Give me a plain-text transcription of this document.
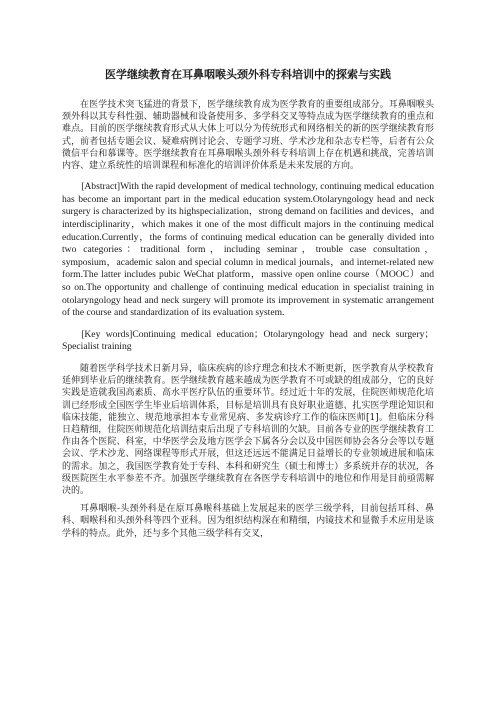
医学继续教育在耳鼻咽喉头颈外科专科培训中的探索与实践

在医学技术突飞猛进的背景下，医学继续教育成为医学教育的重要组成部分。耳鼻咽喉头颈外科以其专科性强、辅助器械和设备使用多、多学科交叉等特点成为医学继续教育的重点和难点。目前的医学继续教育形式从大体上可以分为传统形式和网络相关的新的医学继续教育形式，前者包括专题会议、疑难病例讨论会、专题学习班、学术沙龙和杂志专栏等，后者有公众微信平台和慕课等。医学继续教育在耳鼻咽喉头颈外科专科培训上存在机遇和挑战，完善培训内容、建立系统性的培训课程和标准化的培训评价体系是未来发展的方向。

[Abstract]With the rapid development of medical technology, continuing medical education has become an important part in the medical education system.Otolaryngology head and neck surgery is characterized by its highspecialization，strong demand on facilities and devices，and interdisciplinarity，which makes it one of the most difficult majors in the continuing medical education.Currently，the forms of continuing medical education can be generally divided into two categories：traditional form，including seminar，trouble case consultation，symposium，academic salon and special column in medical journals，and internet-related new form.The latter includes pubic WeChat platform，massive open online course（MOOC）and so on.The opportunity and challenge of continuing medical education in specialist training in otolaryngology head and neck surgery will promote its improvement in systematic arrangement of the course and standardization of its evaluation system.

[Key words]Continuing medical education；Otolaryngology head and neck surgery；Specialist training

随着医学科学技术日新月异，临床疾病的诊疗理念和技术不断更新，医学教育从学校教育延伸到毕业后的继续教育。医学继续教育越来越成为医学教育不可或缺的组成部分，它的良好实践是造就我国高素质、高水平医疗队伍的重要环节。经过近十年的发展，住院医师规范化培训已经形成全国医学生毕业后培训体系，目标是培训具有良好职业道德、扎实医学理论知识和临床技能，能独立、规范地承担本专业常见病、多发病诊疗工作的临床医师[1]。但临床分科日趋精细，住院医师规范化培训结束后出现了专科培训的欠缺。目前各专业的医学继续教育工作由各个医院、科室，中华医学会及地方医学会下属各分会以及中国医师协会各分会等以专题会议、学术沙龙、网络课程等形式开展，但这还远远不能满足日益增长的专业领域进展和临床的需求。加之，我国医学教育处于专科、本科和研究生（硕士和博士）多系统并存的状况，各级医院医生水平参差不齐。加强医学继续教育在各医学专科培训中的地位和作用是目前亟需解决的。

耳鼻咽喉-头颈外科是在原耳鼻喉科基础上发展起来的医学三级学科，目前包括耳科、鼻科、咽喉科和头颈外科等四个亚科。因为组织结构深在和精细，内镜技术和显微手术应用是该学科的特点。此外，还与多个其他三级学科有交叉，
